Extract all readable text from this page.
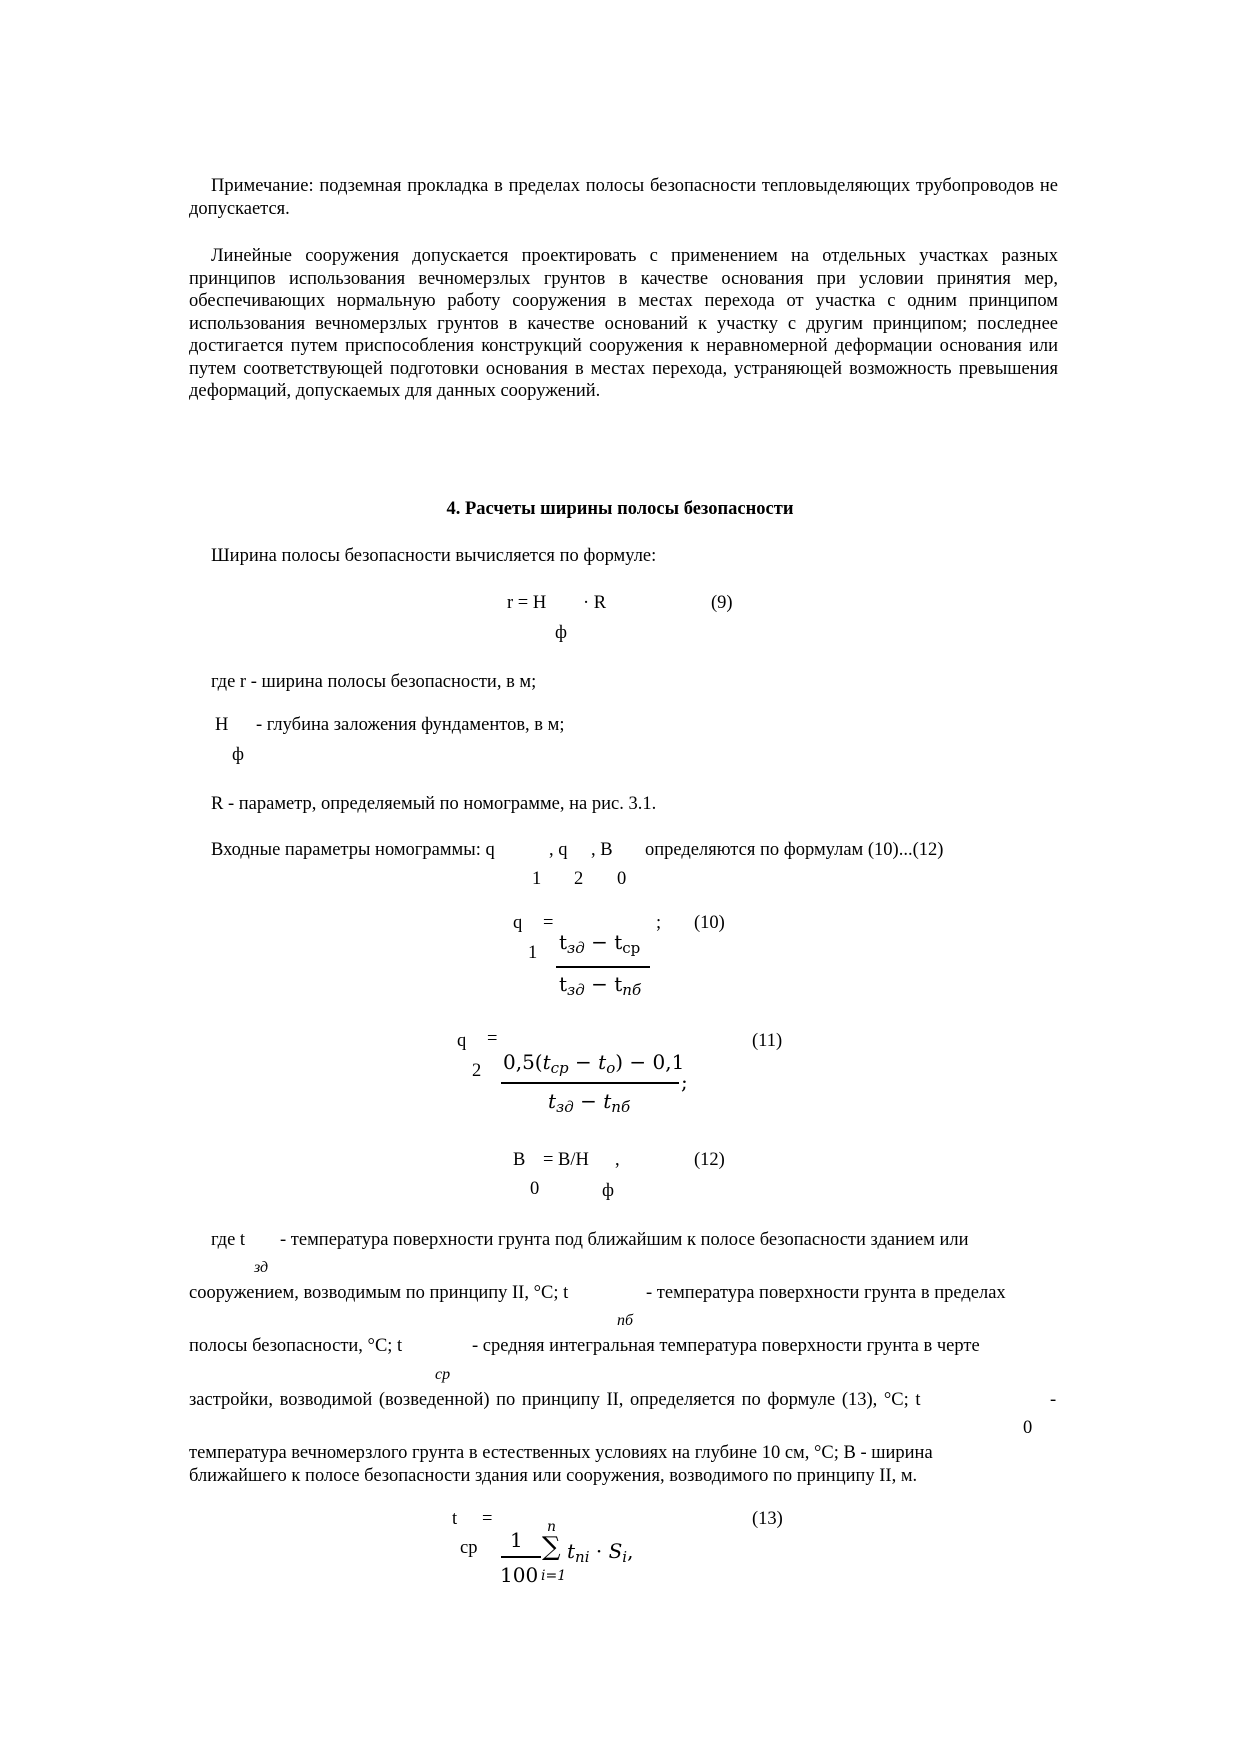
Примечание: подземная прокладка в пределах полосы безопасности тепловыделяющих трубопроводов не допускается.
Линейные сооружения допускается проектировать с применением на отдельных участках разных принципов использования вечномерзлых грунтов в качестве основания при условии принятия мер, обеспечивающих нормальную работу сооружения в местах перехода от участка с одним принципом использования вечномерзлых грунтов в качестве оснований к участку с другим принципом; последнее достигается путем приспособления конструкций сооружения к неравномерной деформации основания или путем соответствующей подготовки основания в местах перехода, устраняющей возможность превышения деформаций, допускаемых для данных сооружений.
4. Расчеты ширины полосы безопасности
Ширина полосы безопасности вычисляется по формуле:
r = H · R
ф
(9)
где r - ширина полосы безопасности, в м;
H - глубина заложения фундаментов, в м;
ф
R - параметр, определяемый по номограмме, на рис. 3.1.
Входные параметры номограммы: q	, q , B определяются по формулам (10)...(12)
1 2 0
q =
1 $t_{зд} - t_{ср}$
$t_{зд} - t_{пб}$
; (10)
q =
2 $0,5(t_{ср} - t_о) - 0,1$
$t_{зд} - t_{пб}$
;
(11)
B = B/H ,
0	ф
(12)
где t - температура поверхности грунта под ближайшим к полосе безопасности зданием или
зд
сооружением, возводимым по принципу II, °С; t	- температура поверхности грунта в пределах
пб
полосы безопасности, °С; t	- средняя интегральная температура поверхности грунта в черте
ср
застройки, возводимой (возведенной) по принципу II, определяется по формуле (13), °С; t	-
0
температура вечномерзлого грунта в естественных условиях на глубине 10 см, °С; B - ширина
ближайшего к полосе безопасности здания или сооружения, возводимого по принципу II, м.
t =
ср 1
100
n
∑
i=1
$t_{ni} \cdot S_i$,
(13)
